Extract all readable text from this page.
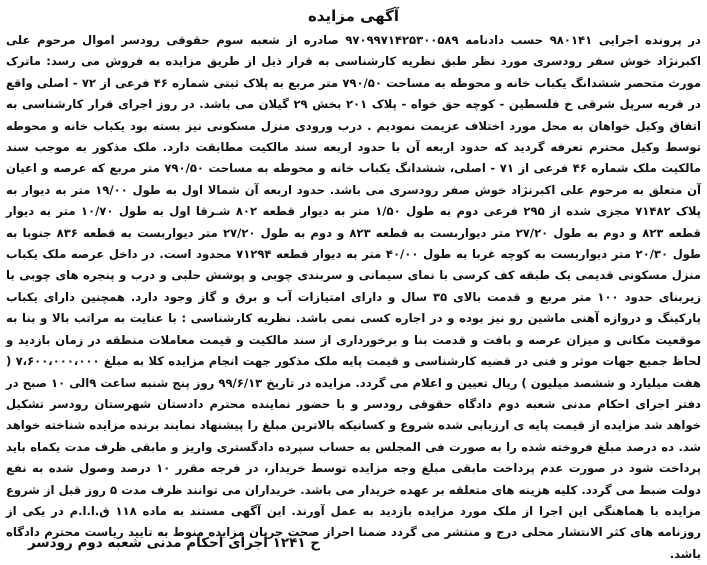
آگهی مزایده

در پرونده اجرایی ۹۸۰۱۴۱ حسب دادنامه ۹۷۰۹۹۷۱۴۲۵۳۰۰۵۸۹ صادره از شعبه سوم حقوقی رودسر اموال مرحوم علی اکبرنژاد خوش سفر رودسری مورد نظر طبق نظریه کارشناسی به قرار ذیل از طریق مزایده به فروش می رسد: ماترک مورث متحصر ششدانگ یکباب خانه و محوطه به مساحت ۷۹۰/۵۰ متر مربع به پلاک ثبتی شماره ۴۶ فرعی از ۷۲ - اصلی واقع در قریه سرپل شرقی خ فلسطین - کوچه حق خواه - پلاک ۲۰۱ بخش ۲۹ گیلان می باشد. در روز اجرای قرار کارشناسی به اتفاق وکیل خواهان به محل مورد اختلاف عزیمت نمودیم . درب ورودی منزل مسکونی نیز بسته بود یکباب خانه و محوطه توسط وکیل محترم تعرفه گردید که حدود اربعه آن با حدود اربعه سند مالکیت مطابقت دارد. ملک مذکور به موجب سند مالکیت ملک شماره ۴۶ فرعی از ۷۱ - اصلی، ششدانگ یکباب خانه و محوطه به مساحت ۷۹۰/۵۰ متر مربع که عرصه و اعیان آن متعلق به مرحوم علی اکبرنژاد خوش صفر رودسری می باشد. حدود اربعه آن شمالا اول به طول ۱۹/۰۰ متر به دیوار به پلاک ۷۱۴۸۲ مجزی شده از ۲۹۵ فرعی دوم به طول ۱/۵۰ متر به دیوار قطعه ۸۰۲ شـرقا اول به طول ۱۰/۷۰ متر به دیوار قطعه ۸۲۳ و دوم به طول ۲۷/۲۰ متر دیواربست به قطعه ۸۲۳ و دوم به طول ۲۷/۲۰ متر دیواربست به قطعه ۸۳۶ جنوبا به طول ۲۰/۳۰ متر دیواربست به کوچه غربا به طول ۴۰/۰۰ متر به دیوار قطعه ۷۱۲۹۴ محدود است. در داخل عرصه ملک یکباب منزل مسکونی قدیمی یک طبقه کف کرسی با نمای سیمانی و سربندی چوبی و پوشش حلبی و درب و پنجره های چوبی با زیربنای حدود ۱۰۰ متر مربع و قدمت بالای ۳۵ سال و دارای امتیازات آب و برق و گاز وجود دارد. همچنین دارای یکباب پارکینگ و دروازه آهنی ماشین رو نیز بوده و در اجاره کسی نمی باشد. نظریه کارشناسی : با عنایت به مراتب بالا و بنا به موقعیت مکانی و میزان عرصه و بافت و قدمت بنا و برخورداری از سند مالکیت و قیمت معاملات منطقه در زمان بازدید و لحاظ جمیع جهات موثر و فنی در قضیه کارشناسی و قیمت پایه ملک مذکور جهت انجام مزایده کلا به مبلغ ۷،۶۰۰،۰۰۰،۰۰۰ ( هفت میلیارد و ششصد میلیون ) ریال تعیین و اعلام می گردد. مزایده در تاریخ ۹۹/۶/۱۳ روز پنج شنبه ساعت ۹الی ۱۰ صبح در دفتر اجرای احکام مدنی شعبه دوم دادگاه حقوقی رودسر و با حضور نماینده محترم دادستان شهرستان رودسر تشکیل خواهد شد مزایده از قیمت پایه ی ارزیابی شده شروع و کسانیکه بالاترین مبلغ را پیشنهاد نمایند برنده مزایده شناخته خواهد شد. ده درصد مبلغ فروخته شده را به صورت فی المجلس به حساب سپرده دادگستری واریز و مابقی ظرف مدت یکماه باید پرداخت شود در صورت عدم پرداخت مابقی مبلغ وجه مزایده توسط خریدار، در فرجه مقرر ۱۰ درصد وصول شده به نفع دولت ضبط می گردد. کلیه هزینه های متعلقه بر عهده خریدار می باشد. خریداران می توانند ظرف مدت ۵ روز قبل از شروع مزایده با هماهنگی این اجرا از ملک مورد مزایده بازدید به عمل آورند. این آگهی مستند به ماده ۱۱۸ ق.ا.ا.م در یکی از روزنامه های کثر الانتشار محلی درج و منتشر می گردد ضمنا احراز صحت جریان مزایده منوط به تایید ریاست محترم دادگاه باشد.

ح ۱۲۴۱ اجرای احکام مدنی شعبه دوم رودسر
